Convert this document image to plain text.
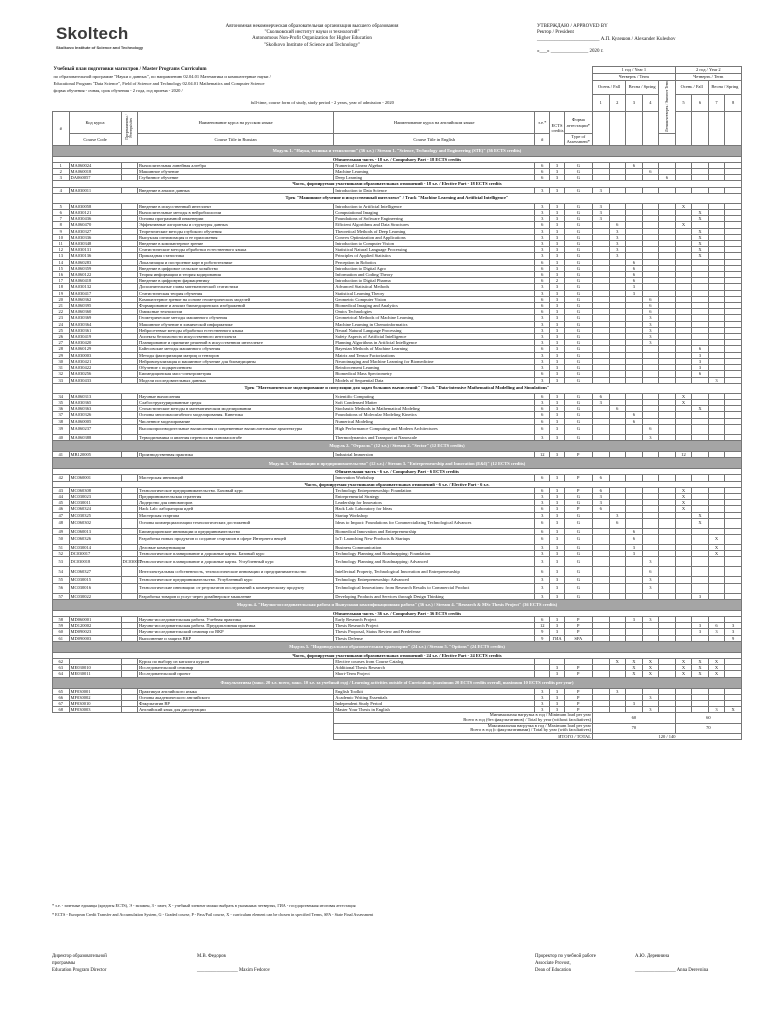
Skoltech
Skolkovo Institute of Science and Technology
Автономная некоммерческая образовательная организация высшего образования
"Сколковский институт науки и технологий"
Autonomous Non-Profit Organization for Higher Education
"Skolkovo Institute of Science and Technology"
УТВЕРЖДАЮ / APPROVED BY
Ректор / President
_________________________ А.П. Кулешов / Alexander Kuleshov
«___» _______________ 2020 г.
Учебный план подготовки магистров / Master Programs Curriculum								1 год / Year 1					2 год / Year 2			
по образовательной программе "Науки о данных", по направлению 02.04.01 Математика и компьютерные науки /								Четверть / Term					Четверть / Term			
Educational Program "Data Science", Field of Science and Technology 02.04.01 Mathematics and Computer Science								Осень / Fall		Весна / Spring		Летняя четверть / Summer Term	Осень / Fall		Весна / Spring	
форма обучения - очная, срок обучения - 2 года, год приема - 2020 /																
full-time, course form of study, study period - 2 years, year of admission - 2020								1	2	3	4		5	6	7	8
#	Код курса	Пререквизиты / Prerequisites	Наименование курса на русском языке	Наименование курса на английском языке	з.е.*	ECTS credits	Форма аттестации*									
	Course Code		Course Title in Russian	Course Title in English	#		Type of Assessment*									
Модуль 1. "Наука, техника и технологии" (36 з.е.) / Stream 1. "Science, Technology and Engineering (STE)" (36 ECTS credits)																
Обязательная часть - 18 з.е. / Compulsory Part - 18 ECTS credits																
1	MA060024		Вычислительная линейная алгебра	Numerical Linear Algebra	6	3	G			6						
2	MA060018		Машинное обучение	Machine Learning	6	3	G				6					
3	DA060057		Глубинное обучение	Deep Learning	6	3	G					6				
Часть, формируемая участниками образовательных отношений - 18 з.е. / Elective Part - 18 ECTS credits																
4	MA030011		Введение в анализ данных	Introduction to Data Science	3	3	G	3								
Трек "Машинное обучение и искусственный интеллект" / Track "Machine Learning and Artificial Intelligence"																
5	MA030058		Введение в искусственный интеллект	Introduction to Artificial Intelligence	3	3	G	3					X			
6	MA030121		Вычислительные методы в нейробиологии	Computational Imaging	3	3	G	3						X		
7	MA030436		Основы программной инженерии	Foundations of Software Engineering	3	3	G	3						X		
8	MA060470		Эффективные алгоритмы и структуры данных	Efficient Algorithms and Data Structures	6	3	G		6				X			
9	MA030327		Теоретические методы глубокого обучения	Theoretical Methods of Deep Learning	3	3	G		3					X		
10	MA030336		Выпуклая оптимизация и ее приложения	Convex Optimization and Applications	3	3	G		3					X		
11	MA030348		Введение в компьютерное зрение	Introduction to Computer Vision	3	3	G		3					X		
12	MA030131		Статистические методы обработки естественного языка	Statistical Natural Language Processing	3	3	G		3					X		
13	MA030136		Прикладная статистика	Principles of Applied Statistics	3	3	G		3					X		
14	MA060283		Локализация и построение карт в робототехнике	Perception in Robotics	6	3	G			6						
15	MA060359		Введение в цифровое сельское хозяйство	Introduction to Digital Agro	6	3	G			6						
16	MA060122		Теория информации и теория кодирования	Information and Coding Theory	6	3	G			6						
17	MA060418		Введение в цифровую фармацевтику	Introduction to Digital Pharma	6	2	G			6						
18	MA030132		Дополнительные главы математической статистики	Advanced Statistical Methods	3	3	G			3						
19	MA030417		Статистическая теория обучения	Statistical Learning Theory	3	3	G			3						
20	MA060362		Компьютерное зрение на основе геометрических моделей	Geometric Computer Vision	6	3	G				6					
21	MA060395		Формирование и анализ биомедицинских изображений	Biomedical Imaging and Analytics	6	3	G				6					
22	MA060360		Омиксные технологии	Omics Technologies	6	3	G				6					
23	MA030369		Геометрические методы машинного обучения	Geometrical Methods of Machine Learning	3	3	G				3					
24	MA030364		Машинное обучение в химической информатике	Machine Learning in Chemoinformatics	3	3	G				3					
25	MA030361		Нейросетевые методы обработки естественного языка	Neural Natural Language Processing	3	3	G				3					
26	MA030419		Аспекты безопасности искусственного интеллекта	Safety Aspects of Artificial Intelligence	3	3	G				3					
27	MA030420		Планирование и принятие решений в искусственном интеллекте	Planning Algorithms in Artificial Intelligence	3	3	G				3					
28	MA060129		Байесовские методы машинного обучения	Bayesian Methods of Machine Learning	6	3	G							6		
29	MA030003		Методы факторизации матриц и тензоров	Matrix and Tensor Factorizations	3	3	G							3		
30	MA030421		Нейровизуализация и машинное обучение для биомедицины	Neuroimaging and Machine Learning for Biomedicine	3	3	G							3		
31	MA030422		Обучение с подкреплением	Reinforcement Learning	3	3	G							3		
32	MA030256		Биомедицинская масс-спектрометрия	Biomedical Mass Spectrometry	6	3	G							6		
33	MA030433		Модели последовательных данных	Models of Sequential Data	3	3	G								3	
Трек "Математическое моделирование и симуляции для задач больших вычислений" / Track "Data-intensive Mathematical Modelling and Simulations"																
34	MA060313		Научные вычисления	Scientific Computing	6	3	G	6					X			
35	MA030365		Слабоструктурированные среды	Soft Condensed Matter	3	3	G	3					X			
36	MA060363		Стохастические методы в математическом моделировании	Stochastic Methods in Mathematical Modeling	6	3	G		6					X		
37	MA030326		Основы многомасштабного моделирования. Кинетика	Foundations of Molecular Modeling Kinetics	6	3	G			6						
38	MA060005		Численное моделирование	Numerical Modeling	6	3	G			6						
39	MA060237		Высокопроизводительные вычисления и современные вычислительные архитектуры	High Performance Computing and Modern Architectures	6	3	G				6					
40	MA060388		Термодинамика и явления переноса на наномасштабе	Thermodynamics and Transport at Nanoscale	3	3	G				3					
Модуль 2. "Отрасль" (12 з.е.) / Stream 2. "Sector" (12 ECTS credits)																
41	MB120005		Производственная практика	Industrial Immersion	12	3	P						12			
Модуль 3. "Инновации и предпринимательство" (12 з.е.) / Stream 3. "Entrepreneurship and Innovation (E&I)" (12 ECTS credits)																
Обязательная часть - 6 з.е. / Compulsory Part - 6 ECTS credits																
42	MC060001		Мастерская инноваций	Innovation Workshop	6	3	P	6								
Часть, формируемая участниками образовательных отношений - 6 з.е. / Elective Part - 6 з.е.																
43	MC060308		Технологическое предпринимательство. Базовый курс	Technology Entrepreneurship: Foundation	6	3	P	6					X			
44	MC030023		Предпринимательская стратегия	Entrepreneurial Strategy	3	3	G	3					X			
45	MC030011		Лидерство для инноваторов	Leadership for Innovators	3	3	G	3					X			
46	MC060324		Hack Lab: лаборатория идей	Hack Lab: Laboratory for Ideas	6	3	P	6					X			
47	MC030325		Мастерская стартапа	Startup Workshop	3	3	G		3					X		
48	MC060302		Основы коммерциализации технологических достижений	Ideas to Impact: Foundations for Commercializing Technological Advances	6	3	G		6					X		
49	MC060013		Биомедицинские инновации и предпринимательство	Biomedical Innovation and Entrepreneurship	6	3	G			6						
50	MC060326		Разработка новых продуктов и создание стартапов в сфере Интернета вещей	IoT: Launching New Products & Startups	6	3	G			6					X	
51	MC030014		Деловые коммуникации	Business Communication	3	3	G			3					X	
52	DC030017		Технологическое планирование и дорожные карты. Базовый курс	Technology Planning and Roadmapping: Foundation	3	3	G			3					X	
53	DC030018	DC030017	Технологическое планирование и дорожные карты. Углубленный курс	Technology Planning and Roadmapping: Advanced	3	3	G				3					
54	MC060327		Интеллектуальная собственность, технологические инновации и предпринимательство	Intellectual Property, Technological Innovation and Entrepreneurship	6	3	G				6					
55	MC030015		Технологическое предпринимательство. Углубленный курс	Technology Entrepreneurship: Advanced	3	3	G				3					
56	MC030016		Технологические инновации: от результатов исследований к коммерческому продукту	Technological Innovations: from Research Results to Commercial Product	3	3	G				3					
57	MC030022		Разработка товаров и услуг через дизайнерское мышление	Developing Products and Services through Design Thinking	3	3	G							3		
Модуль 4. "Научно-исследовательская работа и Выпускная квалификационная работа" (36 з.е.) / Stream 4. "Research & MSc Thesis Project" (36 ECTS credits)																
Обязательная часть - 36 з.е. / Compulsory Part - 36 ECTS credits																
58	MD060001		Научно-исследовательская работа. Учебная практика	Early Research Project	6	3	P			3	3					
59	MD120002		Научно-исследовательская работа. Преддипломная практика	Thesis Research Project	12	3	P							3	6	3
60	MD090023		Научно-исследовательский семинар по ВКР	Thesis Proposal, Status Review and Predefense	9	3	P							3	3	3
61	MD090003		Выполнение и защита ВКР	Thesis Defense	9	ГИА	SFA									9
Модуль 5. "Индивидуальная образовательная траектория" (24 з.е.) / Stream 5. "Options" (24 ECTS credits)																
Часть, формируемая участниками образовательных отношений - 24 з.е. / Elective Part - 24 ECTS credits																
62			Курсы по выбору из каталога курсов	Elective courses from Course Catalog					X	X	X		X	X	X	
63	ME030010		Исследовательский семинар	Additional Thesis Research		3	P			X	X		X	X	X	
64	ME030011		Исследовательский проект	Short-Term Project		3	P			X	X		X	X	X	
Факультативы (макс. 20 з.е. всего, макс. 10 з.е. за учебный год) / Learning activities outside of Curriculum (maximum 20 ECTS credits overall, maximum 10 ECTS credits per year)																
65	MF030001		Практикум английского языка	English Toolkit	3	3	P		3							
66	MF030002		Основы академического английского	Academic Writing Essentials	3	3	P				3					
67	MF030010		Факультатив ВР	Independent Study Period	3	3	P			3						
68	MF030003		Английский язык для диссертации	Master Your Thesis in English	3	3	P				3				3	X

				Минимальная нагрузка в год / Minimum load per year
Всего в год (без факультативов) / Total by year (without facultatives)				60					60			

				Максимальная нагрузка в год / Maximum load per year
Всего в год (с факультативами) / Total by year (with facultatives)				70					70			
				ИТОГО / TOTAL				120 / 140								
* з.е. - зачетные единицы (кредиты ECTS), Э - экзамен, З - зачет, Х - учебный элемент можно выбрать в указанных четвертях, ГИА - государственная итоговая аттестация
* ECTS - European Credit Transfer and Accumulation System, G - Graded course, P - Pass/Fail course, X - curriculum element can be chosen in specified Terms, SFA - State Final Assessment
Директор образовательной
программы
Education Program Director
М.В. Федоров
_________________ Maxim Fedorov
Проректор по учебной работе
Associate Provost,
Dean of Education
А.Ю. Деревнина
_________________ Anna Derevnina
